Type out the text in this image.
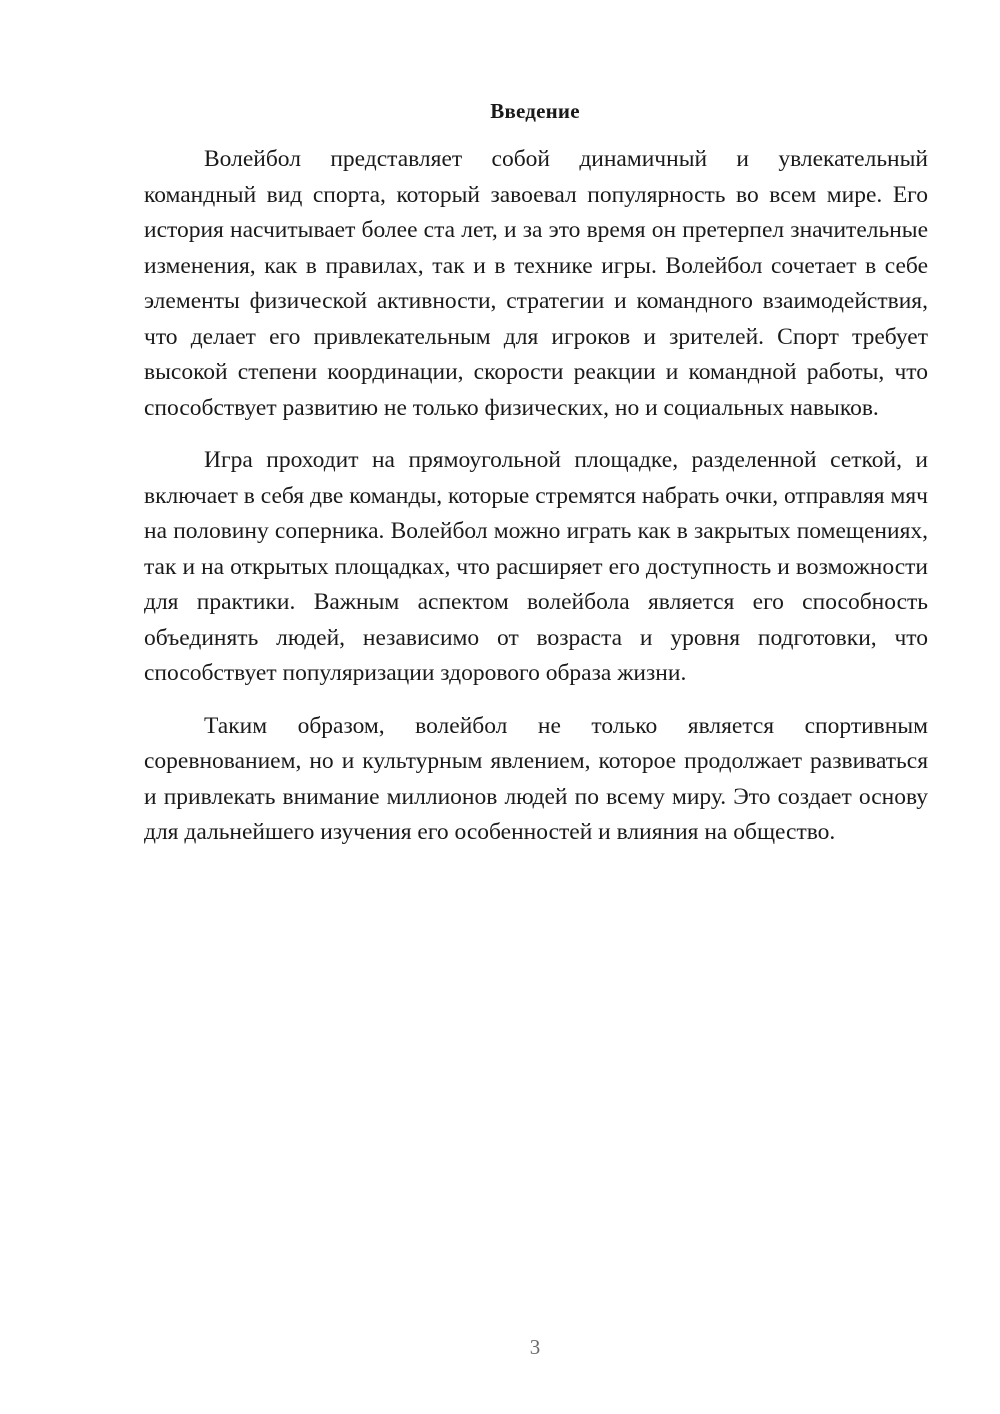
Введение

Волейбол представляет собой динамичный и увлекательный командный вид спорта, который завоевал популярность во всем мире. Его история насчитывает более ста лет, и за это время он претерпел значительные изменения, как в правилах, так и в технике игры. Волейбол сочетает в себе элементы физической активности, стратегии и командного взаимодействия, что делает его привлекательным для игроков и зрителей. Спорт требует высокой степени координации, скорости реакции и командной работы, что способствует развитию не только физических, но и социальных навыков.

Игра проходит на прямоугольной площадке, разделенной сеткой, и включает в себя две команды, которые стремятся набрать очки, отправляя мяч на половину соперника. Волейбол можно играть как в закрытых помещениях, так и на открытых площадках, что расширяет его доступность и возможности для практики. Важным аспектом волейбола является его способность объединять людей, независимо от возраста и уровня подготовки, что способствует популяризации здорового образа жизни.

Таким образом, волейбол не только является спортивным соревнованием, но и культурным явлением, которое продолжает развиваться и привлекать внимание миллионов людей по всему миру. Это создает основу для дальнейшего изучения его особенностей и влияния на общество.

3
